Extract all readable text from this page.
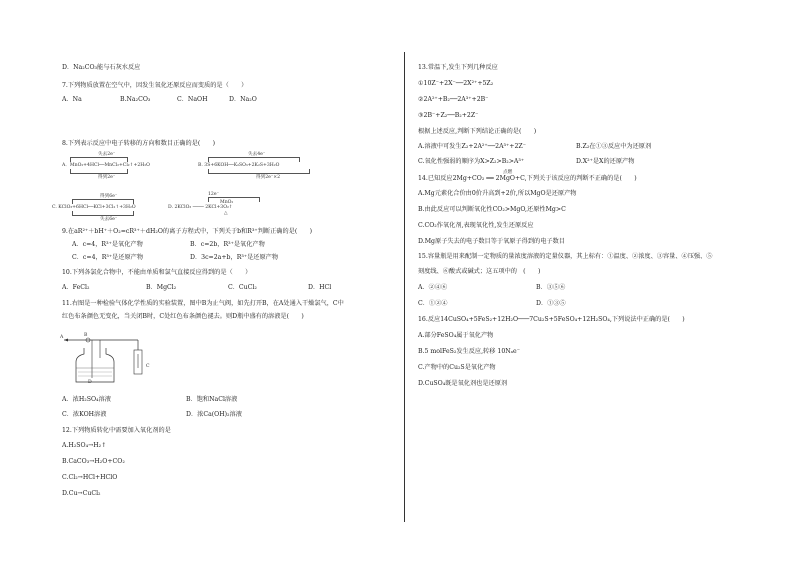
D．Na₂CO₃能与石灰水反应
7.下列物质放置在空气中，因发生氧化还原反应而变质的是（　　）
A．Na	B.Na₂CO₃	C．NaOH	D．Na₂O
8.下列表示反应中电子转移的方向和数目正确的是(　　)
失去2e⁻
A．MnO₂+4HCl──MnCl₂+Cl₂↑+2H₂O
得到2e⁻
失去4e⁻
B. 3S+6KOH──K₂SO₃+2K₂S+3H₂O
得到2e⁻×2
得到6e⁻
C. KClO₃+6HCl──KCl+3Cl₂↑+3H₂O
失去6e⁻
12e⁻
MnO₂
D. 2KClO₃ ──── 2KCl+3O₂↑
△
9.在aR²⁺＋bH⁺＋O₂=cR³⁺＋dH₂O的离子方程式中，下列关于b和R³⁺判断正确的是(　　)
A．c=4，R³⁺是氧化产物	B．c=2b，R³⁺是氧化产物
C．c=4，R³⁺是还原产物	D．3c=2a+b，R³⁺是还原产物
10.下列各氯化合物中，不能由单质和氯气直接反应得到的是（　　）
A．FeCl₂	B．MgCl₂	C．CuCl₂	D．HCl
11.右图是一种检验气体化学性质的实验装置，图中B为止气阀，如先打开B，在A处通入干燥氯气，C中
红色布条颜色无变化，当关闭B时，C处红色布条颜色褪去。则D瓶中盛有的溶液是(　　)
A	B
C
D
A．浓H₂SO₄溶液	B．饱和NaCl溶液
C．浓KOH溶液	D．浓Ca(OH)₂溶液
12.下列物质转化中需要加入氧化剂的是
A.H₂SO₄→H₂↑
B.CaCO₃→H₂O+CO₂
C.Cl₂→HCl+HClO
D.Cu→CuCl₂
13.常温下,发生下列几种反应
①10Z⁻+2X⁻──2X²⁺+5Z₂
②2A²⁺+B₂──2A³⁺+2B⁻
③2B⁻+Z₂──B₂+2Z⁻
根据上述反应,判断下列结论正确的是(　　)
A.溶液中可发生Z₂+2A²⁺──2A³⁺+2Z⁻	B.Z₂在①③反应中为还原剂
C.氧化性强弱的顺序为X>Z₂>B₂>A³⁺	D.X²⁺是X的还原产物
点燃
14.已知反应2Mg+CO₂ ══ 2MgO+C,下列关于该反应的判断不正确的是(　　)
A.Mg元素化合价由0价升高到+2价,所以MgO是还原产物
B.由此反应可以判断氧化性CO₂>MgO,还原性Mg>C
C.CO₂作氧化剂,表现氧化性,发生还原反应
D.Mg原子失去的电子数目等于氧原子得到的电子数目
15.容量瓶是用来配制一定物质的量浓度溶液的定量仪器，其上标有：①温度、②浓度、③容量、④压强、⑤
刻度线、⑥酸式或碱式；这五项中的　(　　)
A．②④⑥	B．③⑤⑥
C．①②④	D．①③⑤
16.反应14CuSO₄+5FeS₂+12H₂O───7Cu₂S+5FeSO₄+12H₂SO₄,下列说法中正确的是(　　)
A.部分FeSO₄属于氧化产物
B.5 molFeS₂发生反应,转移 10Nₐe⁻
C.产物中的Cu₂S是氧化产物
D.CuSO₄既是氧化剂也是还原剂
